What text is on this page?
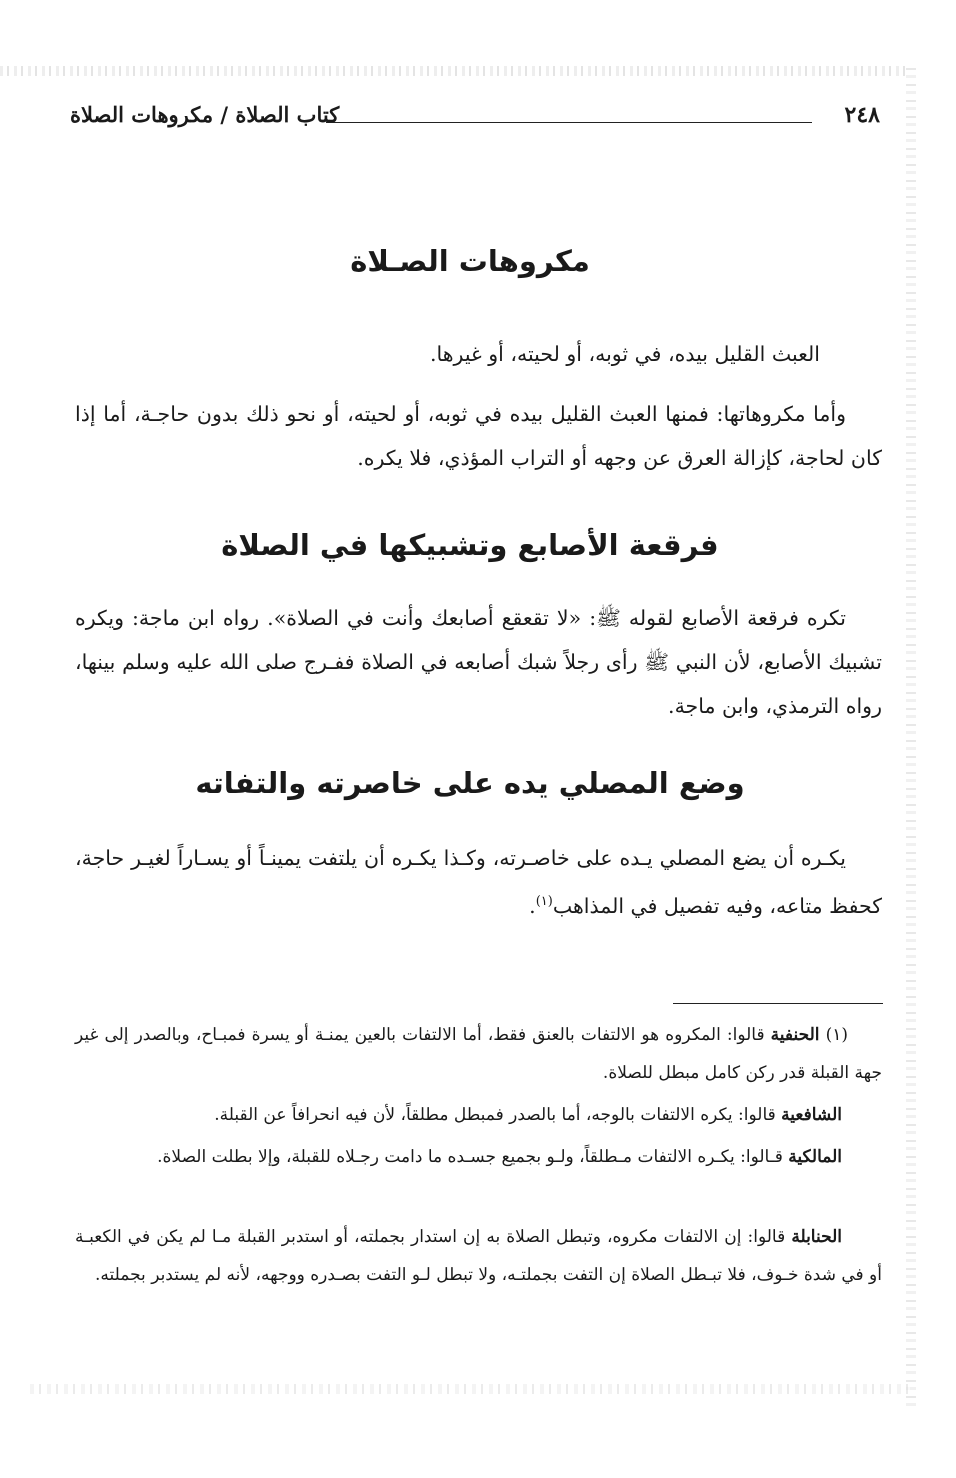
٢٤٨
كتاب الصلاة / مكروهات الصلاة
مكروهات الصـلاة
العبث القليل بيده، في ثوبه، أو لحيته، أو غيرها.
وأما مكروهاتها: فمنها العبث القليل بيده في ثوبه، أو لحيته، أو نحو ذلك بدون حاجـة، أما إذا كان لحاجة، كإزالة العرق عن وجهه أو التراب المؤذي، فلا يكره.
فرقعة الأصابع وتشبيكها في الصلاة
تكره فرقعة الأصابع لقوله ﷺ: «لا تقعقع أصابعك وأنت في الصلاة». رواه ابن ماجة: ويكره تشبيك الأصابع، لأن النبي ﷺ رأى رجلاً شبك أصابعه في الصلاة ففـرج صلى الله عليه وسلم بينها، رواه الترمذي، وابن ماجة.
وضع المصلي يده على خاصرته والتفاته
يكـره أن يضع المصلي يـده على خاصـرته، وكـذا يكـره أن يلتفت يمينـاً أو يسـاراً لغيـر حاجة، كحفظ متاعه، وفيه تفصيل في المذاهب$^{(١)}$.
(١) الحنفية قالوا: المكروه هو الالتفات بالعنق فقط، أما الالتفات بالعين يمنـة أو يسرة فمبـاح، وبالصدر إلى غير جهة القبلة قدر ركن كامل مبطل للصلاة.
الشافعية قالوا: يكره الالتفات بالوجه، أما بالصدر فمبطل مطلقاً، لأن فيه انحرافاً عن القبلة.
المالكية قـالوا: يكـره الالتفات مـطلقاً، ولـو بجميع جسـده ما دامت رجـلاه للقبلة، وإلا بطلت الصلاة.
الحنابلة قالوا: إن الالتفات مكروه، وتبطل الصلاة به إن استدار بجملته، أو استدبر القبلة مـا لم يكن في الكعبـة أو في شدة خـوف، فلا تبـطل الصلاة إن التفت بجملتـه، ولا تبطل لـو التفت بصـدره ووجهه، لأنه لم يستدبر بجملته.
